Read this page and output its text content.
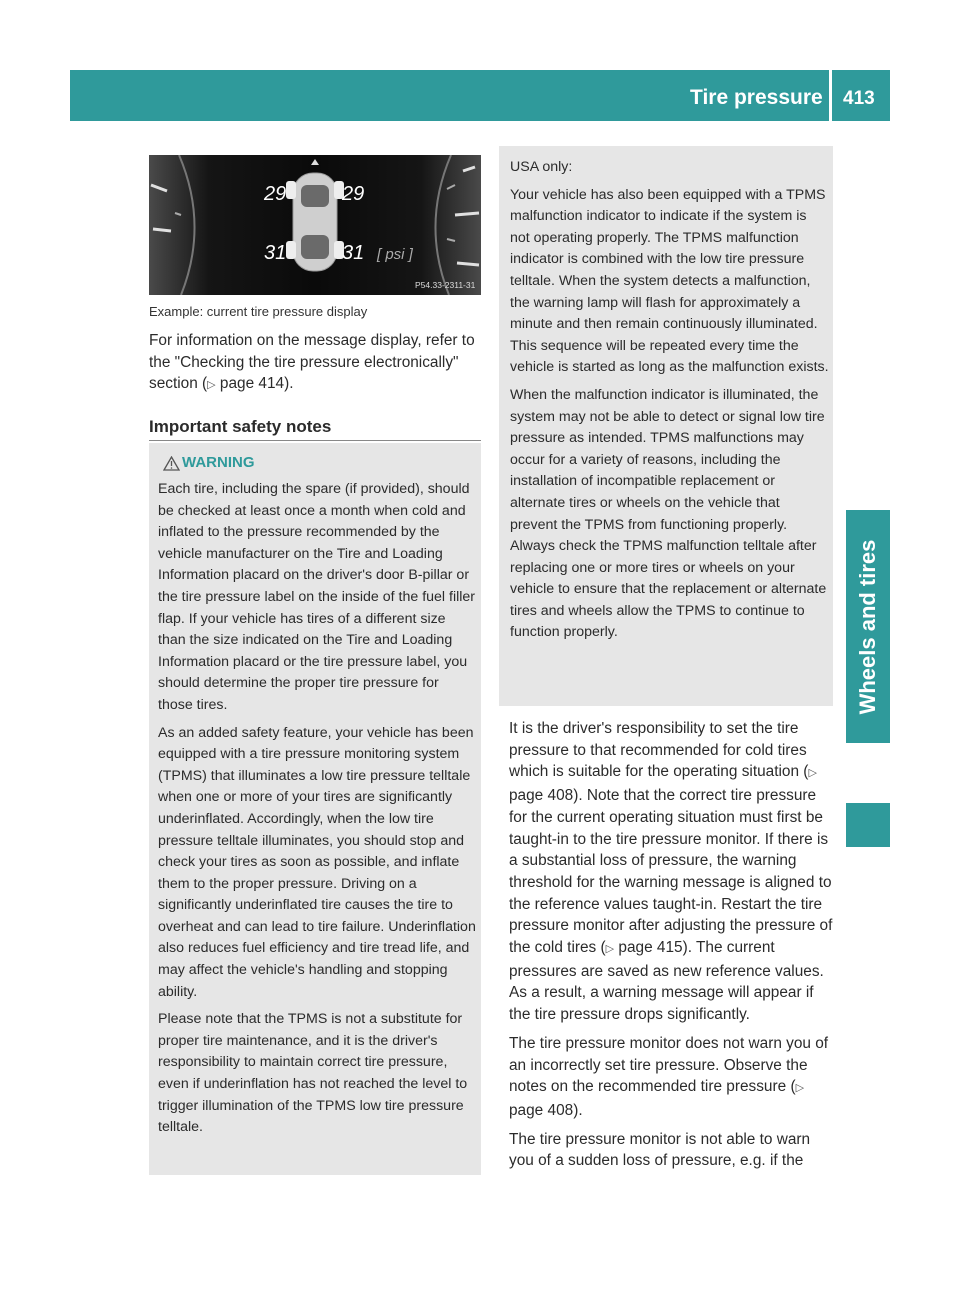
Tire pressure 413
Wheels and tires
29	29
31	31 [ psi ]
P54.33-2311-31
Example: current tire pressure display

For information on the message display, refer to the "Checking the tire pressure electronically" section (▷ page 414).

Important safety notes
WARNING

Each tire, including the spare (if provided), should be checked at least once a month when cold and inflated to the pressure recommended by the vehicle manufacturer on the Tire and Loading Information placard on the driver's door B-pillar or the tire pressure label on the inside of the fuel filler flap. If your vehicle has tires of a different size than the size indicated on the Tire and Loading Information placard or the tire pressure label, you should determine the proper tire pressure for those tires.

As an added safety feature, your vehicle has been equipped with a tire pressure monitoring system (TPMS) that illuminates a low tire pressure telltale when one or more of your tires are significantly underinflated. Accordingly, when the low tire pressure telltale illuminates, you should stop and check your tires as soon as possible, and inflate them to the proper pressure. Driving on a significantly underinflated tire causes the tire to overheat and can lead to tire failure. Underinflation also reduces fuel efficiency and tire tread life, and may affect the vehicle's handling and stopping ability.

Please note that the TPMS is not a substitute for proper tire maintenance, and it is the driver's responsibility to maintain correct tire pressure, even if underinflation has not reached the level to trigger illumination of the TPMS low tire pressure telltale.

USA only:

Your vehicle has also been equipped with a TPMS malfunction indicator to indicate if the system is not operating properly. The TPMS malfunction indicator is combined with the low tire pressure telltale. When the system detects a malfunction, the warning lamp will flash for approximately a minute and then remain continuously illuminated. This sequence will be repeated every time the vehicle is started as long as the malfunction exists.

When the malfunction indicator is illuminated, the system may not be able to detect or signal low tire pressure as intended. TPMS malfunctions may occur for a variety of reasons, including the installation of incompatible replacement or alternate tires or wheels on the vehicle that prevent the TPMS from functioning properly. Always check the TPMS malfunction telltale after replacing one or more tires or wheels on your vehicle to ensure that the replacement or alternate tires and wheels allow the TPMS to continue to function properly.

It is the driver's responsibility to set the tire pressure to that recommended for cold tires which is suitable for the operating situation (▷ page 408). Note that the correct tire pressure for the current operating situation must first be taught-in to the tire pressure monitor. If there is a substantial loss of pressure, the warning threshold for the warning message is aligned to the reference values taught-in. Restart the tire pressure monitor after adjusting the pressure of the cold tires (▷ page 415). The current pressures are saved as new reference values. As a result, a warning message will appear if the tire pressure drops significantly.

The tire pressure monitor does not warn you of an incorrectly set tire pressure. Observe the notes on the recommended tire pressure (▷ page 408).

The tire pressure monitor is not able to warn you of a sudden loss of pressure, e.g. if the
